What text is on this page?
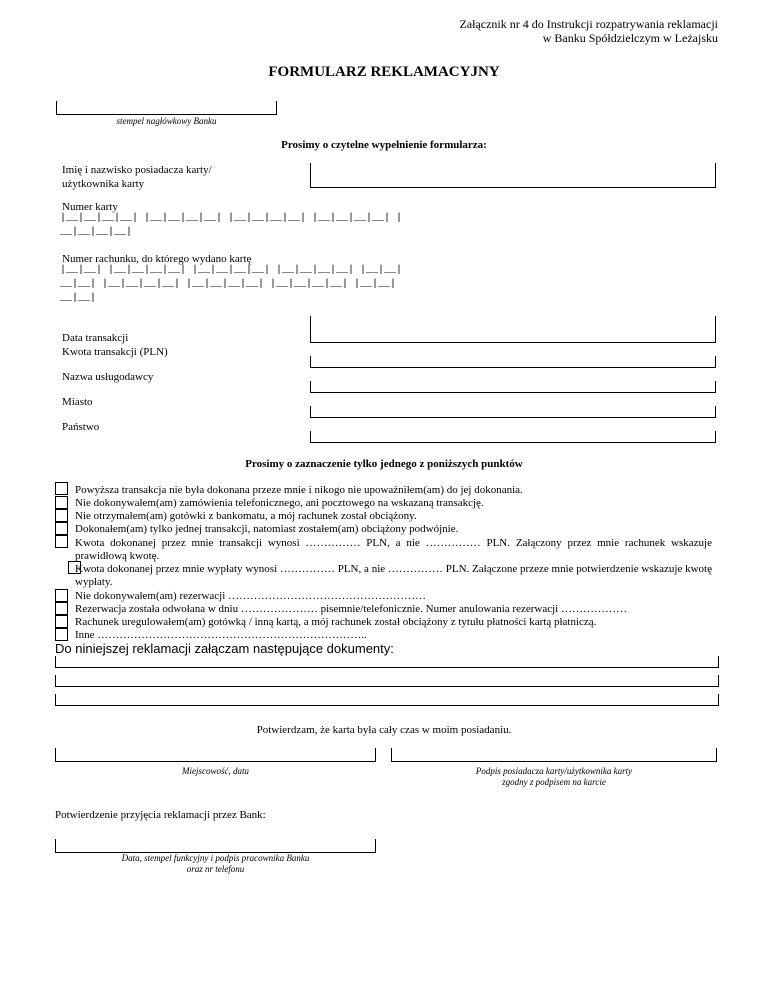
Załącznik nr 4 do Instrukcji rozpatrywania reklamacji
w Banku Spółdzielczym w Leżajsku
FORMULARZ REKLAMACYJNY
stempel nagłówkowy Banku
Prosimy o czytelne wypełnienie formularza:
Imię i nazwisko posiadacza karty/
użytkownika karty
Numer karty
|__|__|__|__| |__|__|__|__| |__|__|__|__| |__|__|__|__| |
__|__|__|__|
Numer rachunku, do którego wydano kartę
|__|__| |__|__|__|__| |__|__|__|__| |__|__|__|__| |__|__|
__|__| |__|__|__|__| |__|__|__|__| |__|__|__|__| |__|__|
__|__|
Data transakcji
Kwota transakcji (PLN)
Nazwa usługodawcy
Miasto
Państwo
Prosimy o zaznaczenie tylko jednego z poniższych punktów
Powyższa transakcja nie była dokonana przeze mnie i nikogo nie upoważniłem(am) do jej dokonania.
Nie dokonywałem(am) zamówienia telefonicznego, ani pocztowego na wskazaną transakcję.
Nie otrzymałem(am) gotówki z bankomatu, a mój rachunek został obciążony.
Dokonałem(am) tylko jednej transakcji, natomiast zostałem(am) obciążony podwójnie.
Kwota dokonanej przez mnie transakcji wynosi …………… PLN, a nie …………… PLN. Załączony przez mnie rachunek wskazuje prawidłową kwotę.
Kwota dokonanej przez mnie wypłaty wynosi …………… PLN, a nie …………… PLN. Załączone przeze mnie potwierdzenie wskazuje kwotę wypłaty.
Nie dokonywałem(am) rezerwacji ………………………………………………
Rezerwacja została odwołana w dniu ………………… pisemnie/telefonicznie. Numer anulowania rezerwacji ………………
Rachunek uregulowałem(am) gotówką / inną kartą, a mój rachunek został obciążony z tytułu płatności kartą płatniczą.
Inne ………………………………………………………………..
Do niniejszej reklamacji załączam następujące dokumenty:
Potwierdzam, że karta była cały czas w moim posiadaniu.
Miejscowość, data	Podpis posiadacza karty/użytkownika karty
zgodny z podpisem na karcie
Potwierdzenie przyjęcia reklamacji przez Bank:
Data, stempel funkcyjny i podpis pracownika Banku
oraz nr telefonu
